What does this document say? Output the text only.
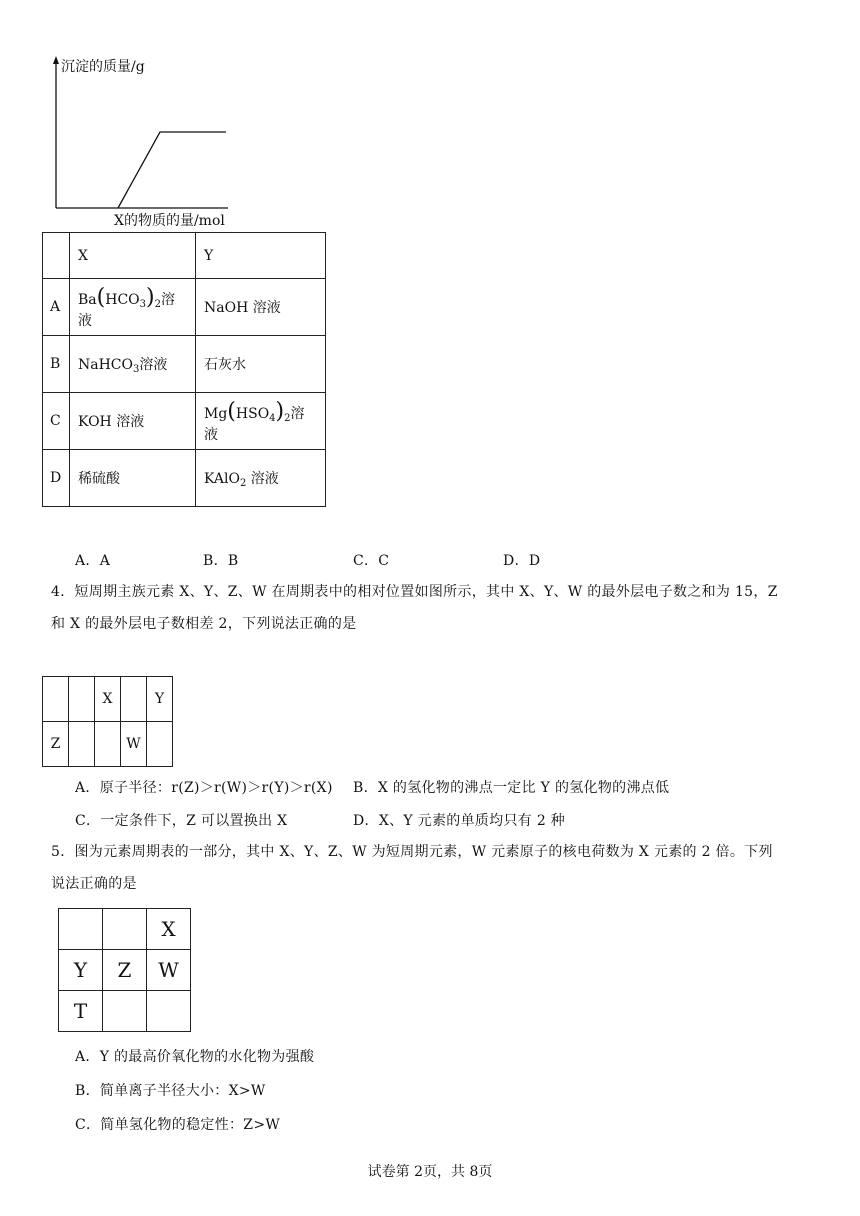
沉淀的质量/g
X的物质的量/mol
	X	Y
A	$Ba(HCO_3)_2$溶液	NaOH 溶液
B	NaHCO$_3$溶液	石灰水
C	KOH 溶液	$Mg(HSO_4)_2$溶液
D	稀硫酸	KAlO$_2$ 溶液
A．A	B．B	C．C	D．D
4．短周期主族元素 X、Y、Z、W 在周期表中的相对位置如图所示，其中 X、Y、W 的最外层电子数之和为 15，Z
和 X 的最外层电子数相差 2，下列说法正确的是
		X		Y
Z			W	
A．原子半径：r(Z)＞r(W)＞r(Y)＞r(X) B．X 的氢化物的沸点一定比 Y 的氢化物的沸点低
C．一定条件下，Z 可以置换出 X	D．X、Y 元素的单质均只有 2 种
5．图为元素周期表的一部分，其中 X、Y、Z、W 为短周期元素，W 元素原子的核电荷数为 X 元素的 2 倍。下列
说法正确的是
		X
Y	Z	W
T		
A．Y 的最高价氧化物的水化物为强酸
B．简单离子半径大小：X>W
C．简单氢化物的稳定性：Z>W
试卷第 2页，共 8页
